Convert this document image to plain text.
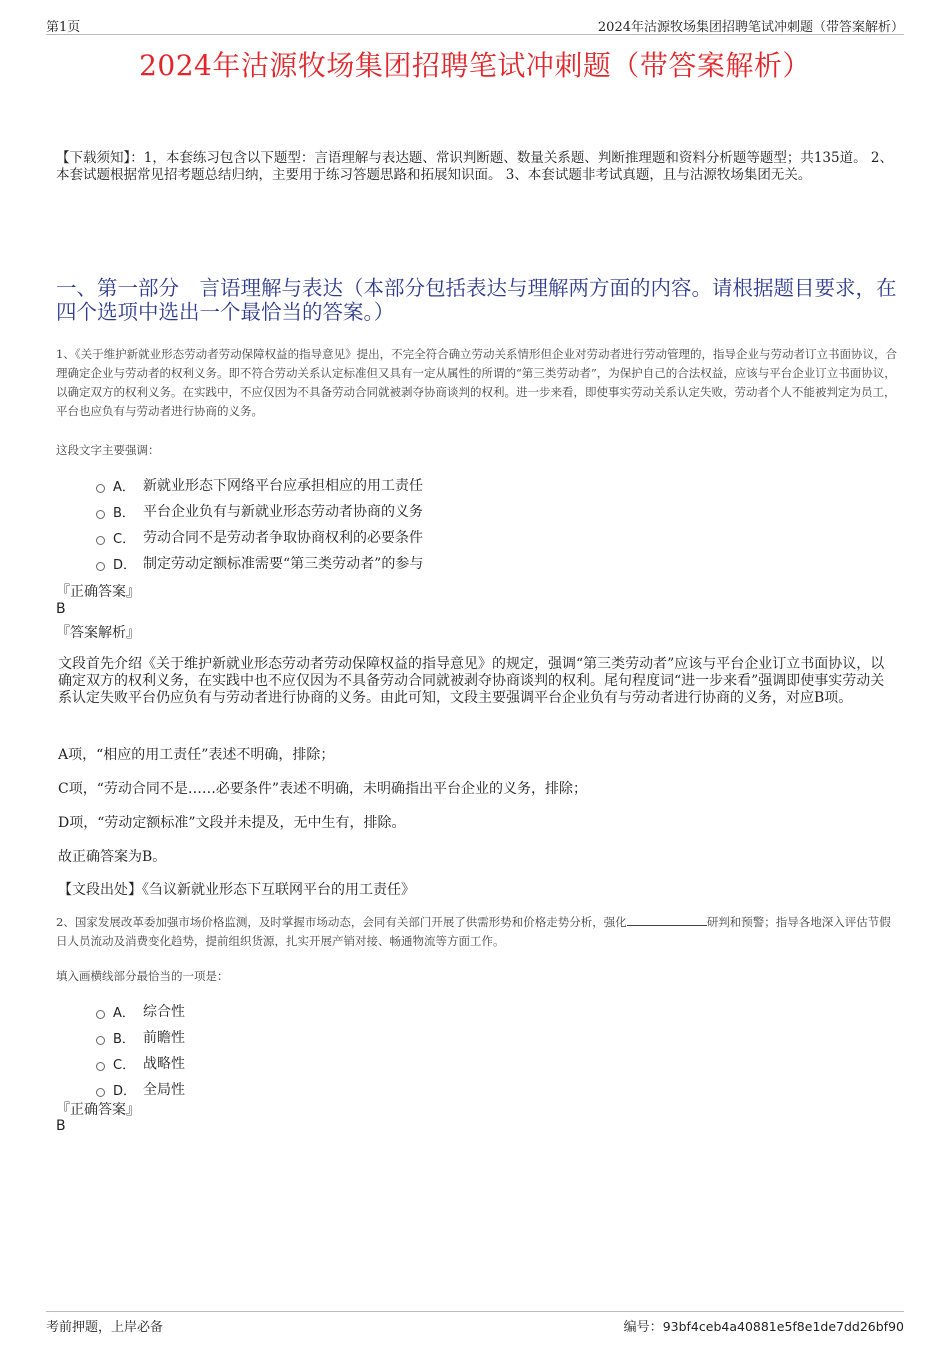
第1页	2024年沽源牧场集团招聘笔试冲刺题（带答案解析）
2024年沽源牧场集团招聘笔试冲刺题（带答案解析）
【下载须知】：1，本套练习包含以下题型：言语理解与表达题、常识判断题、数量关系题、判断推理题和资料分析题等题型；共135道。 2、本套试题根据常见招考题总结归纳，主要用于练习答题思路和拓展知识面。 3、本套试题非考试真题，且与沽源牧场集团无关。
一、第一部分　言语理解与表达（本部分包括表达与理解两方面的内容。请根据题目要求，在四个选项中选出一个最恰当的答案。）
1、《关于维护新就业形态劳动者劳动保障权益的指导意见》提出，不完全符合确立劳动关系情形但企业对劳动者进行劳动管理的，指导企业与劳动者订立书面协议，合理确定企业与劳动者的权利义务。即不符合劳动关系认定标准但又具有一定从属性的所谓的“第三类劳动者”，为保护自己的合法权益，应该与平台企业订立书面协议，以确定双方的权利义务。在实践中，不应仅因为不具备劳动合同就被剥夺协商谈判的权利。进一步来看，即使事实劳动关系认定失败，劳动者个人不能被判定为员工，平台也应负有与劳动者进行协商的义务。
这段文字主要强调：
A． 新就业形态下网络平台应承担相应的用工责任
B． 平台企业负有与新就业形态劳动者协商的义务
C． 劳动合同不是劳动者争取协商权利的必要条件
D． 制定劳动定额标准需要“第三类劳动者”的参与
『正确答案』
B
『答案解析』
文段首先介绍《关于维护新就业形态劳动者劳动保障权益的指导意见》的规定，强调“第三类劳动者”应该与平台企业订立书面协议，以确定双方的权利义务，在实践中也不应仅因为不具备劳动合同就被剥夺协商谈判的权利。尾句程度词“进一步来看”强调即使事实劳动关系认定失败平台仍应负有与劳动者进行协商的义务。由此可知，文段主要强调平台企业负有与劳动者进行协商的义务，对应B项。
A项，“相应的用工责任”表述不明确，排除；
C项，“劳动合同不是……必要条件”表述不明确，未明确指出平台企业的义务，排除；
D项，“劳动定额标准”文段并未提及，无中生有，排除。
故正确答案为B。
【文段出处】《刍议新就业形态下互联网平台的用工责任》
2、国家发展改革委加强市场价格监测，及时掌握市场动态，会同有关部门开展了供需形势和价格走势分析，强化	研判和预警；指导各地深入评估节假日人员流动及消费变化趋势，提前组织货源，扎实开展产销对接、畅通物流等方面工作。
填入画横线部分最恰当的一项是：
A． 综合性
B． 前瞻性
C． 战略性
D． 全局性
『正确答案』
B
考前押题，上岸必备	编号：93bf4ceb4a40881e5f8e1de7dd26bf90
